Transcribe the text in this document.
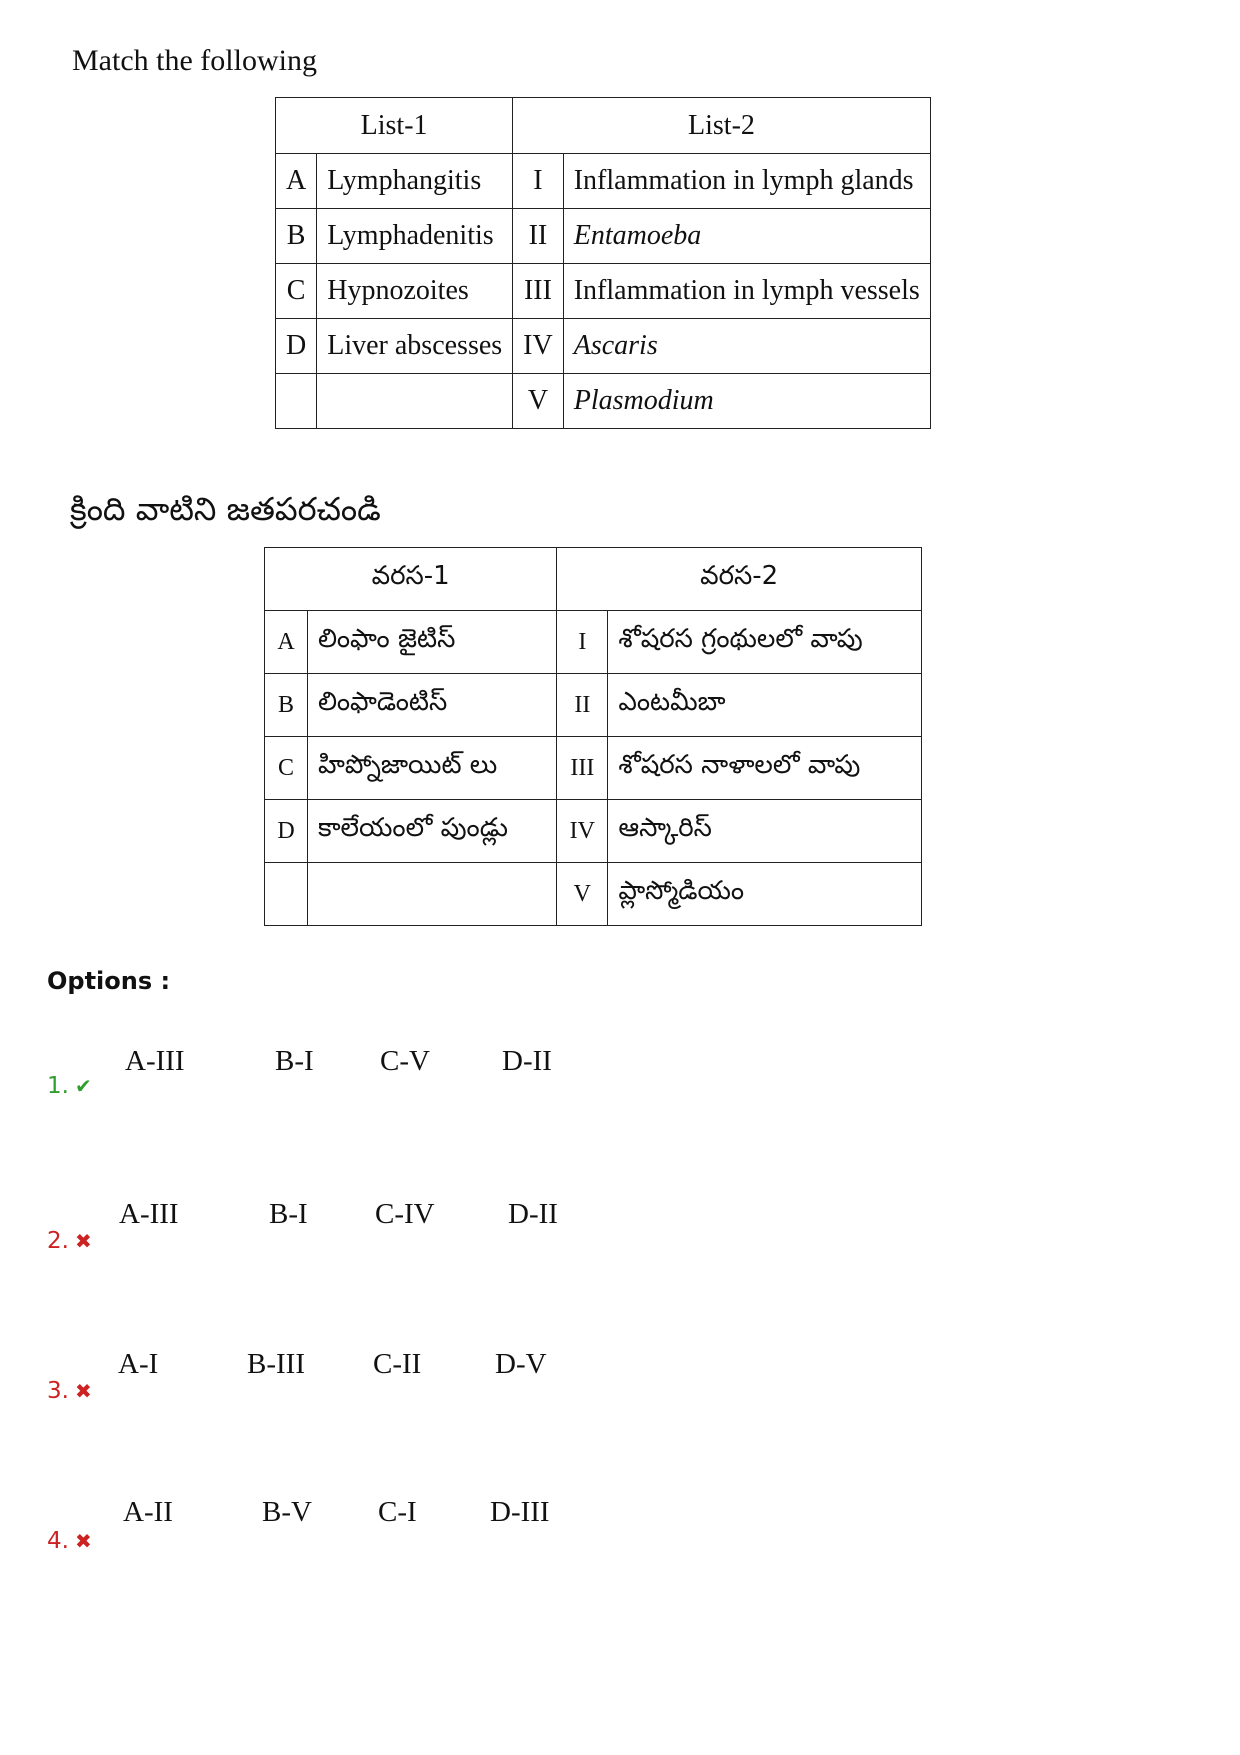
Match the following
List-1		List-2	
A	Lymphangitis	I	Inflammation in lymph glands
B	Lymphadenitis	II	Entamoeba
C	Hypnozoites	III	Inflammation in lymph vessels
D	Liver abscesses	IV	Ascaris
		V	Plasmodium
క్రింది వాటిని జతపరచండి
వరస-1		వరస-2	
A	లింఫాం జైటిస్	I	శోషరస గ్రంథులలో వాపు
B	లింఫాడెంటిస్	II	ఎంటమీబా
C	హిప్నోజాయిట్ లు	III	శోషరస నాళాలలో వాపు
D	కాలేయంలో పుండ్లు	IV	ఆస్కారిస్
		V	ప్లాస్మోడియం
Options :
1. ✔
A-III	B-I C-V D-II
2. ✖
A-III	B-I C-IV	D-II
3. ✖
A-I	B-III C-II	D-V
4. ✖
A-II	B-V C-I	D-III
